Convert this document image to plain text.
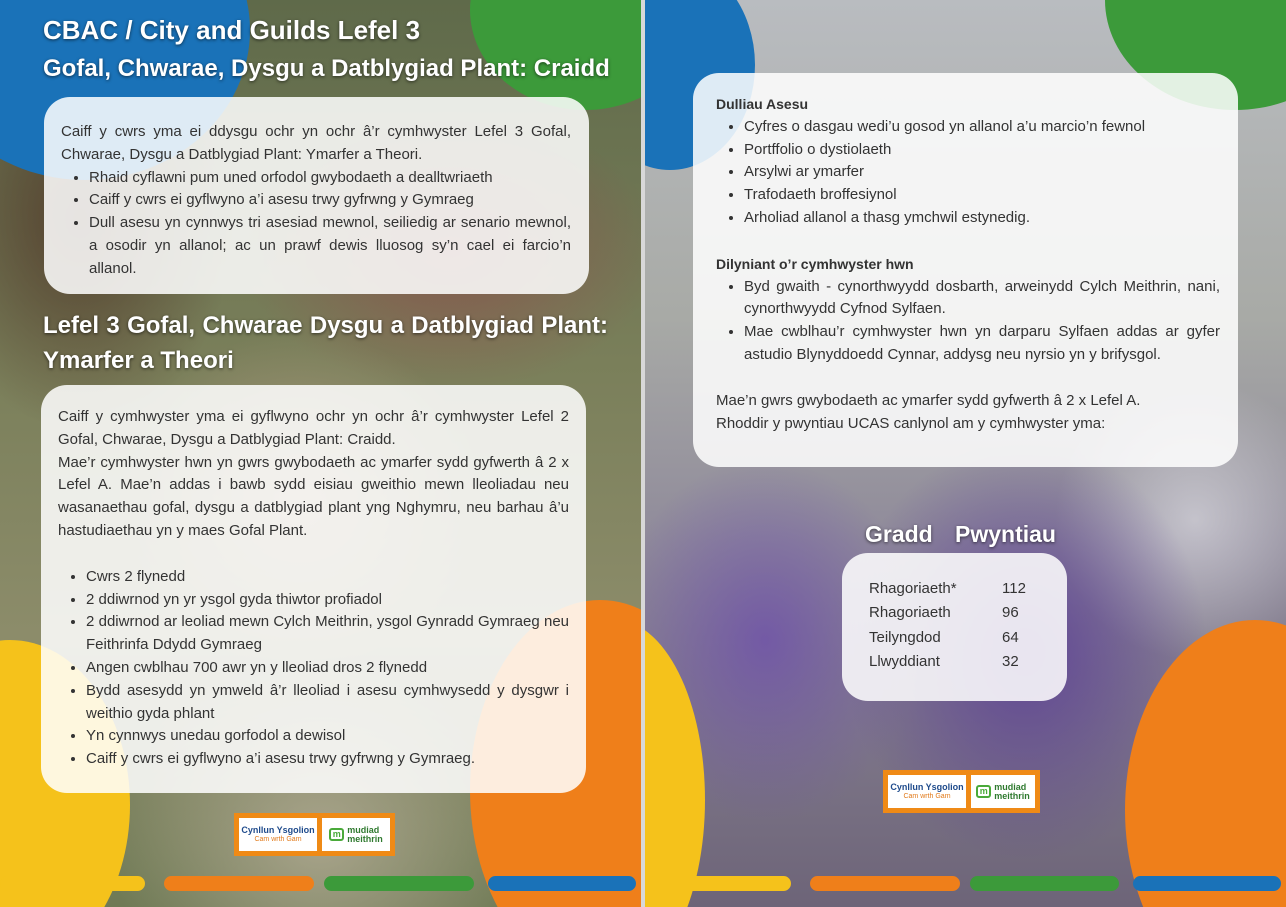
CBAC / City and Guilds Lefel 3
Gofal, Chwarae, Dysgu a Datblygiad Plant: Craidd

Caiff y cwrs yma ei ddysgu ochr yn ochr â’r cymhwyster Lefel 3 Gofal, Chwarae, Dysgu a Datblygiad Plant: Ymarfer a Theori.

• Rhaid cyflawni pum uned orfodol gwybodaeth a dealltwriaeth
• Caiff y cwrs ei gyflwyno a’i asesu trwy gyfrwng y Gymraeg
• Dull asesu yn cynnwys tri asesiad mewnol, seiliedig ar senario mewnol, a osodir yn allanol; ac un prawf dewis lluosog sy’n cael ei farcio’n allanol.
Lefel 3 Gofal, Chwarae Dysgu a Datblygiad Plant: Ymarfer a Theori

Caiff y cymhwyster yma ei gyflwyno ochr yn ochr â’r cymhwyster Lefel 2 Gofal, Chwarae, Dysgu a Datblygiad Plant: Craidd.

Mae’r cymhwyster hwn yn gwrs gwybodaeth ac ymarfer sydd gyfwerth â 2 x Lefel A. Mae’n addas i bawb sydd eisiau gweithio mewn lleoliadau neu wasanaethau gofal, dysgu a datblygiad plant yng Nghymru, neu barhau â’u hastudiaethau yn y maes Gofal Plant.

• Cwrs 2 flynedd
• 2 ddiwrnod yn yr ysgol gyda thiwtor profiadol
• 2 ddiwrnod ar leoliad mewn Cylch Meithrin, ysgol Gynradd Gymraeg neu Feithrinfa Ddydd Gymraeg
• Angen cwblhau 700 awr yn y lleoliad dros 2 flynedd
• Bydd asesydd yn ymweld â’r lleoliad i asesu cymhwysedd y dysgwr i weithio gyda phlant
• Yn cynnwys unedau gorfodol a dewisol
• Caiff y cwrs ei gyflwyno a’i asesu trwy gyfrwng y Gymraeg.
Cynllun Ysgolion
Cam wrth Gam	m mudiad
meithrin
Dulliau Asesu
• Cyfres o dasgau wedi’u gosod yn allanol a’u marcio’n fewnol
• Portffolio o dystiolaeth
• Arsylwi ar ymarfer
• Trafodaeth broffesiynol
• Arholiad allanol a thasg ymchwil estynedig.
Dilyniant o’r cymhwyster hwn
• Byd gwaith - cynorthwyydd dosbarth, arweinydd Cylch Meithrin, nani, cynorthwyydd Cyfnod Sylfaen.
• Mae cwblhau’r cymhwyster hwn yn darparu Sylfaen addas ar gyfer astudio Blynyddoedd Cynnar, addysg neu nyrsio yn y brifysgol.
Mae’n gwrs gwybodaeth ac ymarfer sydd gyfwerth â 2 x Lefel A.
Rhoddir y pwyntiau UCAS canlynol am y cymhwyster yma:
Gradd Pwyntiau
Rhagoriaeth*	112
Rhagoriaeth	96
Teilyngdod	64
Llwyddiant	32
Cynllun Ysgolion
Cam wrth Gam	m mudiad
meithrin
